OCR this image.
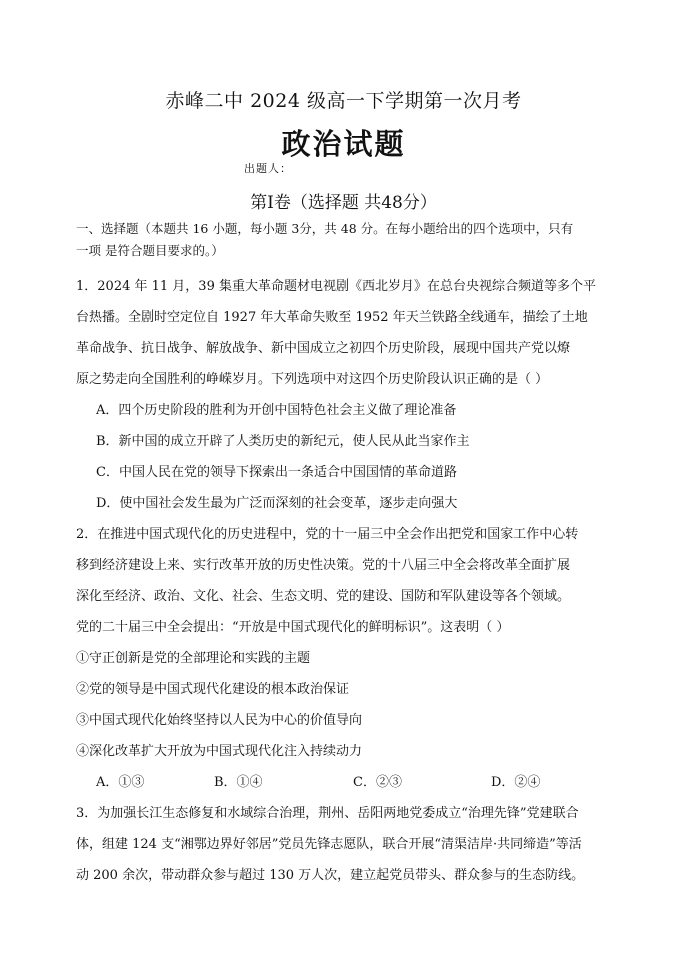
赤峰二中 2024 级高一下学期第一次月考
政治试题
出题人：
第Ⅰ卷（选择题 共48分）
一、选择题（本题共 16 小题，每小题 3分，共 48 分。在每小题给出的四个选项中，只有
一项 是符合题目要求的。）
1．2024 年 11 月，39 集重大革命题材电视剧《西北岁月》在总台央视综合频道等多个平
台热播。全剧时空定位自 1927 年大革命失败至 1952 年天兰铁路全线通车，描绘了土地
革命战争、抗日战争、解放战争、新中国成立之初四个历史阶段，展现中国共产党以燎
原之势走向全国胜利的峥嵘岁月。下列选项中对这四个历史阶段认识正确的是（ ）
A．四个历史阶段的胜利为开创中国特色社会主义做了理论准备
B．新中国的成立开辟了人类历史的新纪元，使人民从此当家作主
C．中国人民在党的领导下探索出一条适合中国国情的革命道路
D．使中国社会发生最为广泛而深刻的社会变革，逐步走向强大
2．在推进中国式现代化的历史进程中，党的十一届三中全会作出把党和国家工作中心转
移到经济建设上来、实行改革开放的历史性决策。党的十八届三中全会将改革全面扩展
深化至经济、政治、文化、社会、生态文明、党的建设、国防和军队建设等各个领域。
党的二十届三中全会提出：“开放是中国式现代化的鲜明标识”。这表明（ ）
①守正创新是党的全部理论和实践的主题
②党的领导是中国式现代化建设的根本政治保证
③中国式现代化始终坚持以人民为中心的价值导向
④深化改革扩大开放为中国式现代化注入持续动力
A．①③	B．①④	C．②③	D．②④
3．为加强长江生态修复和水域综合治理，荆州、岳阳两地党委成立“治理先锋”党建联合
体，组建 124 支“湘鄂边界好邻居”党员先锋志愿队，联合开展“清渠洁岸·共同缔造”等活
动 200 余次，带动群众参与超过 130 万人次，建立起党员带头、群众参与的生态防线。
